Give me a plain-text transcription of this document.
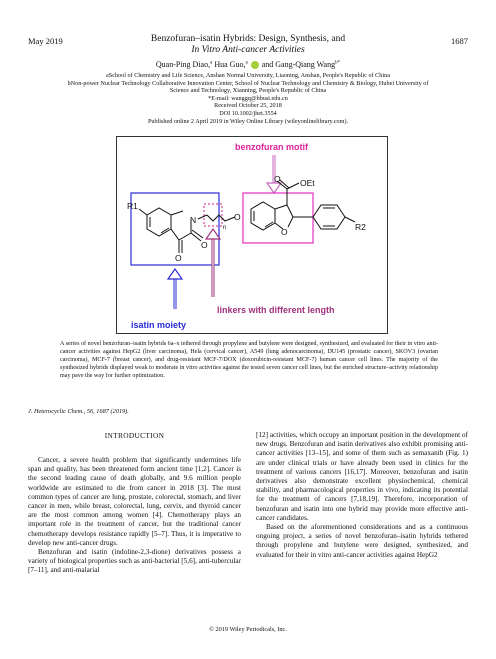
May 2019	1687
Benzofuran–isatin Hybrids: Design, Synthesis, and
In Vitro Anti-cancer Activities
Quan-Ping Diao,$^a$ Hua Guo,$^a$ and Gang-Qiang Wang$^{b*}$
aSchool of Chemistry and Life Science, Anshan Normal University, Liaoning, Anshan, People's Republic of China
bNon-power Nuclear Technology Collaborative Innovation Center, School of Nuclear Technology and Chemistry & Biology, Hubei University of Science and Technology, Xianning, People's Republic of China
*E-mail: wanggq@hbust.edu.cn
Received October 25, 2018
DOI 10.1002/jhet.3554
Published online 2 April 2019 in Wiley Online Library (wileyonlinelibrary.com).
benzofuran motif
R1
N
O
O
n
O
O OEt
O	R2
linkers with different length
isatin moiety
A series of novel benzofuran–isatin hybrids 6a–x tethered through propylene and butylene were designed, synthesized, and evaluated for their in vitro anti-cancer activities against HepG2 (liver carcinoma), Hela (cervical cancer), A549 (lung adenocarcinoma), DU145 (prostatic cancer), SKOV3 (ovarian carcinoma), MCF-7 (breast cancer), and drug-resistant MCF-7/DOX (doxorubicin-resistant MCF-7) human cancer cell lines. The majority of the synthesized hybrids displayed weak to moderate in vitro activities against the tested seven cancer cell lines, but the enriched structure–activity relationship may pave the way for further optimization.
J. Heterocyclic Chem., 56, 1687 (2019).
INTRODUCTION

Cancer, a severe health problem that significantly undermines life span and quality, has been threatened form ancient time [1,2]. Cancer is the second leading cause of death globally, and 9.6 million people worldwide are estimated to die from cancer in 2018 [3]. The most common types of cancer are lung, prostate, colorectal, stomach, and liver cancer in men, while breast, colorectal, lung, cervix, and thyroid cancer are the most common among women [4]. Chemotherapy plays an important role in the treatment of cancer, but the traditional cancer chemotherapy develops resistance rapidly [5–7]. Thus, it is imperative to develop new anti-cancer drugs.

Benzofuran and isatin (indoline-2,3-dione) derivatives possess a variety of biological properties such as anti-bacterial [5,6], anti-tubercular [7–11], and anti-malarial

[12] activities, which occupy an important position in the development of new drugs. Benzofuran and isatin derivatives also exhibit promising anti-cancer activities [13–15], and some of them such as semaxanib (Fig. 1) are under clinical trials or have already been used in clinics for the treatment of various cancers [16,17]. Moreover, benzofuran and isatin derivatives also demonstrate excellent physiochemical, chemical stability, and pharmacological properties in vivo, indicating its potential for the treatment of cancers [7,18,19]. Therefore, incorporation of benzofuran and isatin into one hybrid may provide more effective anti-cancer candidates.

Based on the aforementioned considerations and as a continuous ongoing project, a series of novel benzofuran–isatin hybrids tethered through propylene and butylene were designed, synthesized, and evaluated for their in vitro anti-cancer activities against HepG2

© 2019 Wiley Periodicals, Inc.
